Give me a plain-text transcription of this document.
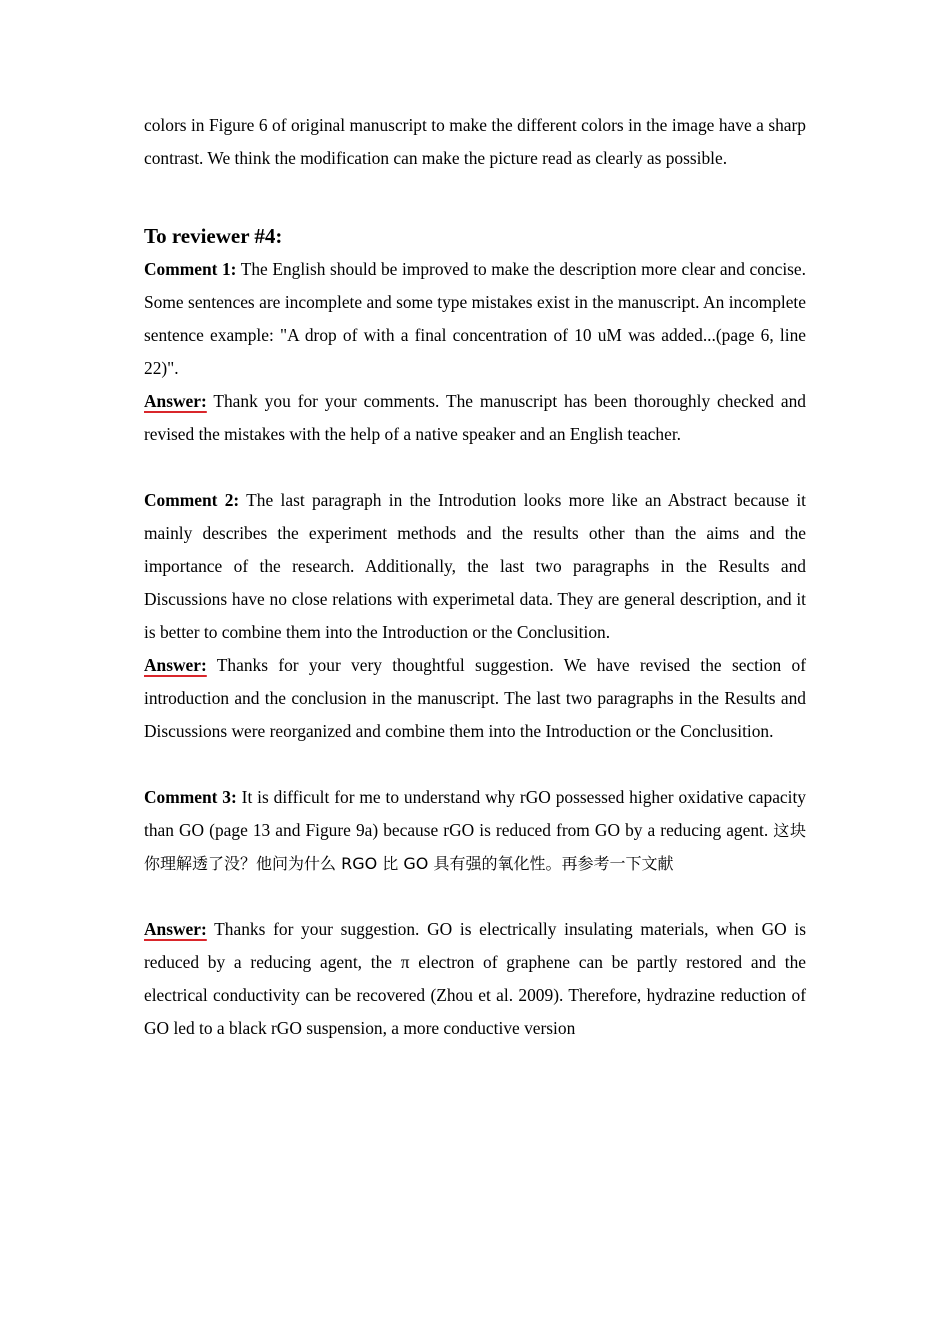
colors in Figure 6 of original manuscript to make the different colors in the image have a sharp contrast. We think the modification can make the picture read as clearly as possible.

To reviewer #4:

Comment 1: The English should be improved to make the description more clear and concise. Some sentences are incomplete and some type mistakes exist in the manuscript. An incomplete sentence example: "A drop of with a final concentration of 10 uM was added...(page 6, line 22)".

Answer: Thank you for your comments. The manuscript has been thoroughly checked and revised the mistakes with the help of a native speaker and an English teacher.

Comment 2: The last paragraph in the Introdution looks more like an Abstract because it mainly describes the experiment methods and the results other than the aims and the importance of the research. Additionally, the last two paragraphs in the Results and Discussions have no close relations with experimetal data. They are general description, and it is better to combine them into the Introduction or the Conclusition.

Answer: Thanks for your very thoughtful suggestion. We have revised the section of introduction and the conclusion in the manuscript. The last two paragraphs in the Results and Discussions were reorganized and combine them into the Introduction or the Conclusition.

Comment 3: It is difficult for me to understand why rGO possessed higher oxidative capacity than GO (page 13 and Figure 9a) because rGO is reduced from GO by a reducing agent. 这块你理解透了没？他问为什么 RGO 比 GO 具有强的氧化性。再参考一下文献

Answer: Thanks for your suggestion. GO is electrically insulating materials, when GO is reduced by a reducing agent, the π electron of graphene can be partly restored and the electrical conductivity can be recovered (Zhou et al. 2009). Therefore, hydrazine reduction of GO led to a black rGO suspension, a more conductive version
